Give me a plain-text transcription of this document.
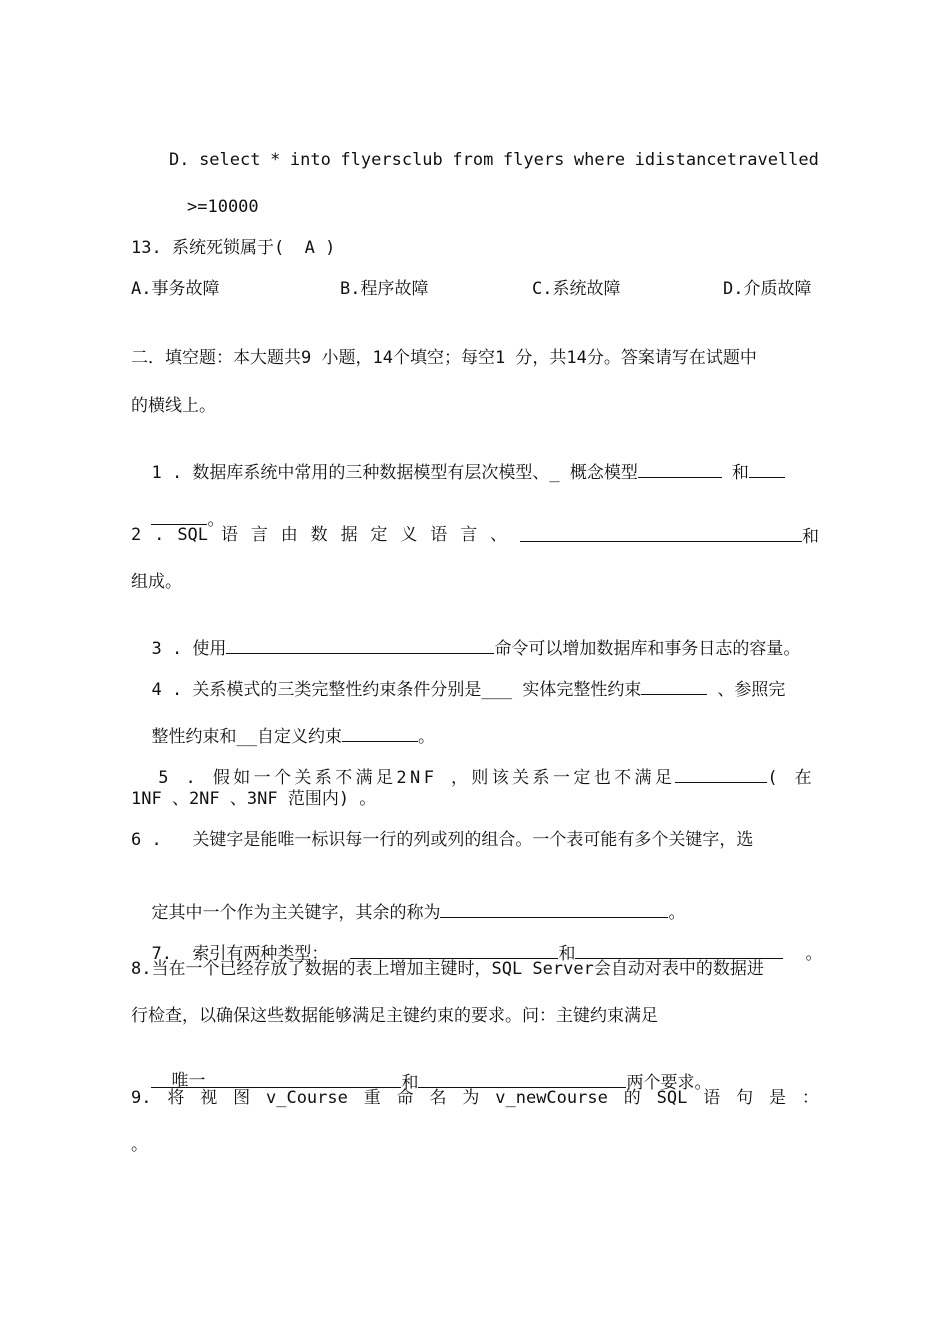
D. select * into flyersclub from flyers where idistancetravelled
>=10000
13. 系统死锁属于(  A )
A.事务故障	B.程序故障	C.系统故障	D.介质故障
二．填空题：本大题共9 小题，14个填空；每空1 分，共14分。答案请写在试题中
的横线上。

1 . 数据库系统中常用的三种数据模型有层次模型、_ 概念模型	和

。

2 . SQL 语 言 由 数 据 定 义 语 言 、	和
组成。

3 . 使用	命令可以增加数据库和事务日志的容量。

4 . 关系模式的三类完整性约束条件分别是___ 实体完整性约束	、参照完

整性约束和__自定义约束	。

5 . 假如一个关系不满足2NF ，则该关系一定也不满足	( 在

1NF 、2NF 、3NF 范围内) 。
6 .   关键字是能唯一标识每一行的列或列的组合。一个表可能有多个关键字，选

定其中一个作为主关键字，其余的称为	。

7.  索引有两种类型：	和	。

8.当在一个已经存放了数据的表上增加主键时，SQL Server会自动对表中的数据进
行检查，以确保这些数据能够满足主键约束的要求。问：主键约束满足

唯一	和	两个要求。

9. 将 视 图 v_Course 重 命 名 为 v_newCourse 的 SQL 语 句 是 ：
。
